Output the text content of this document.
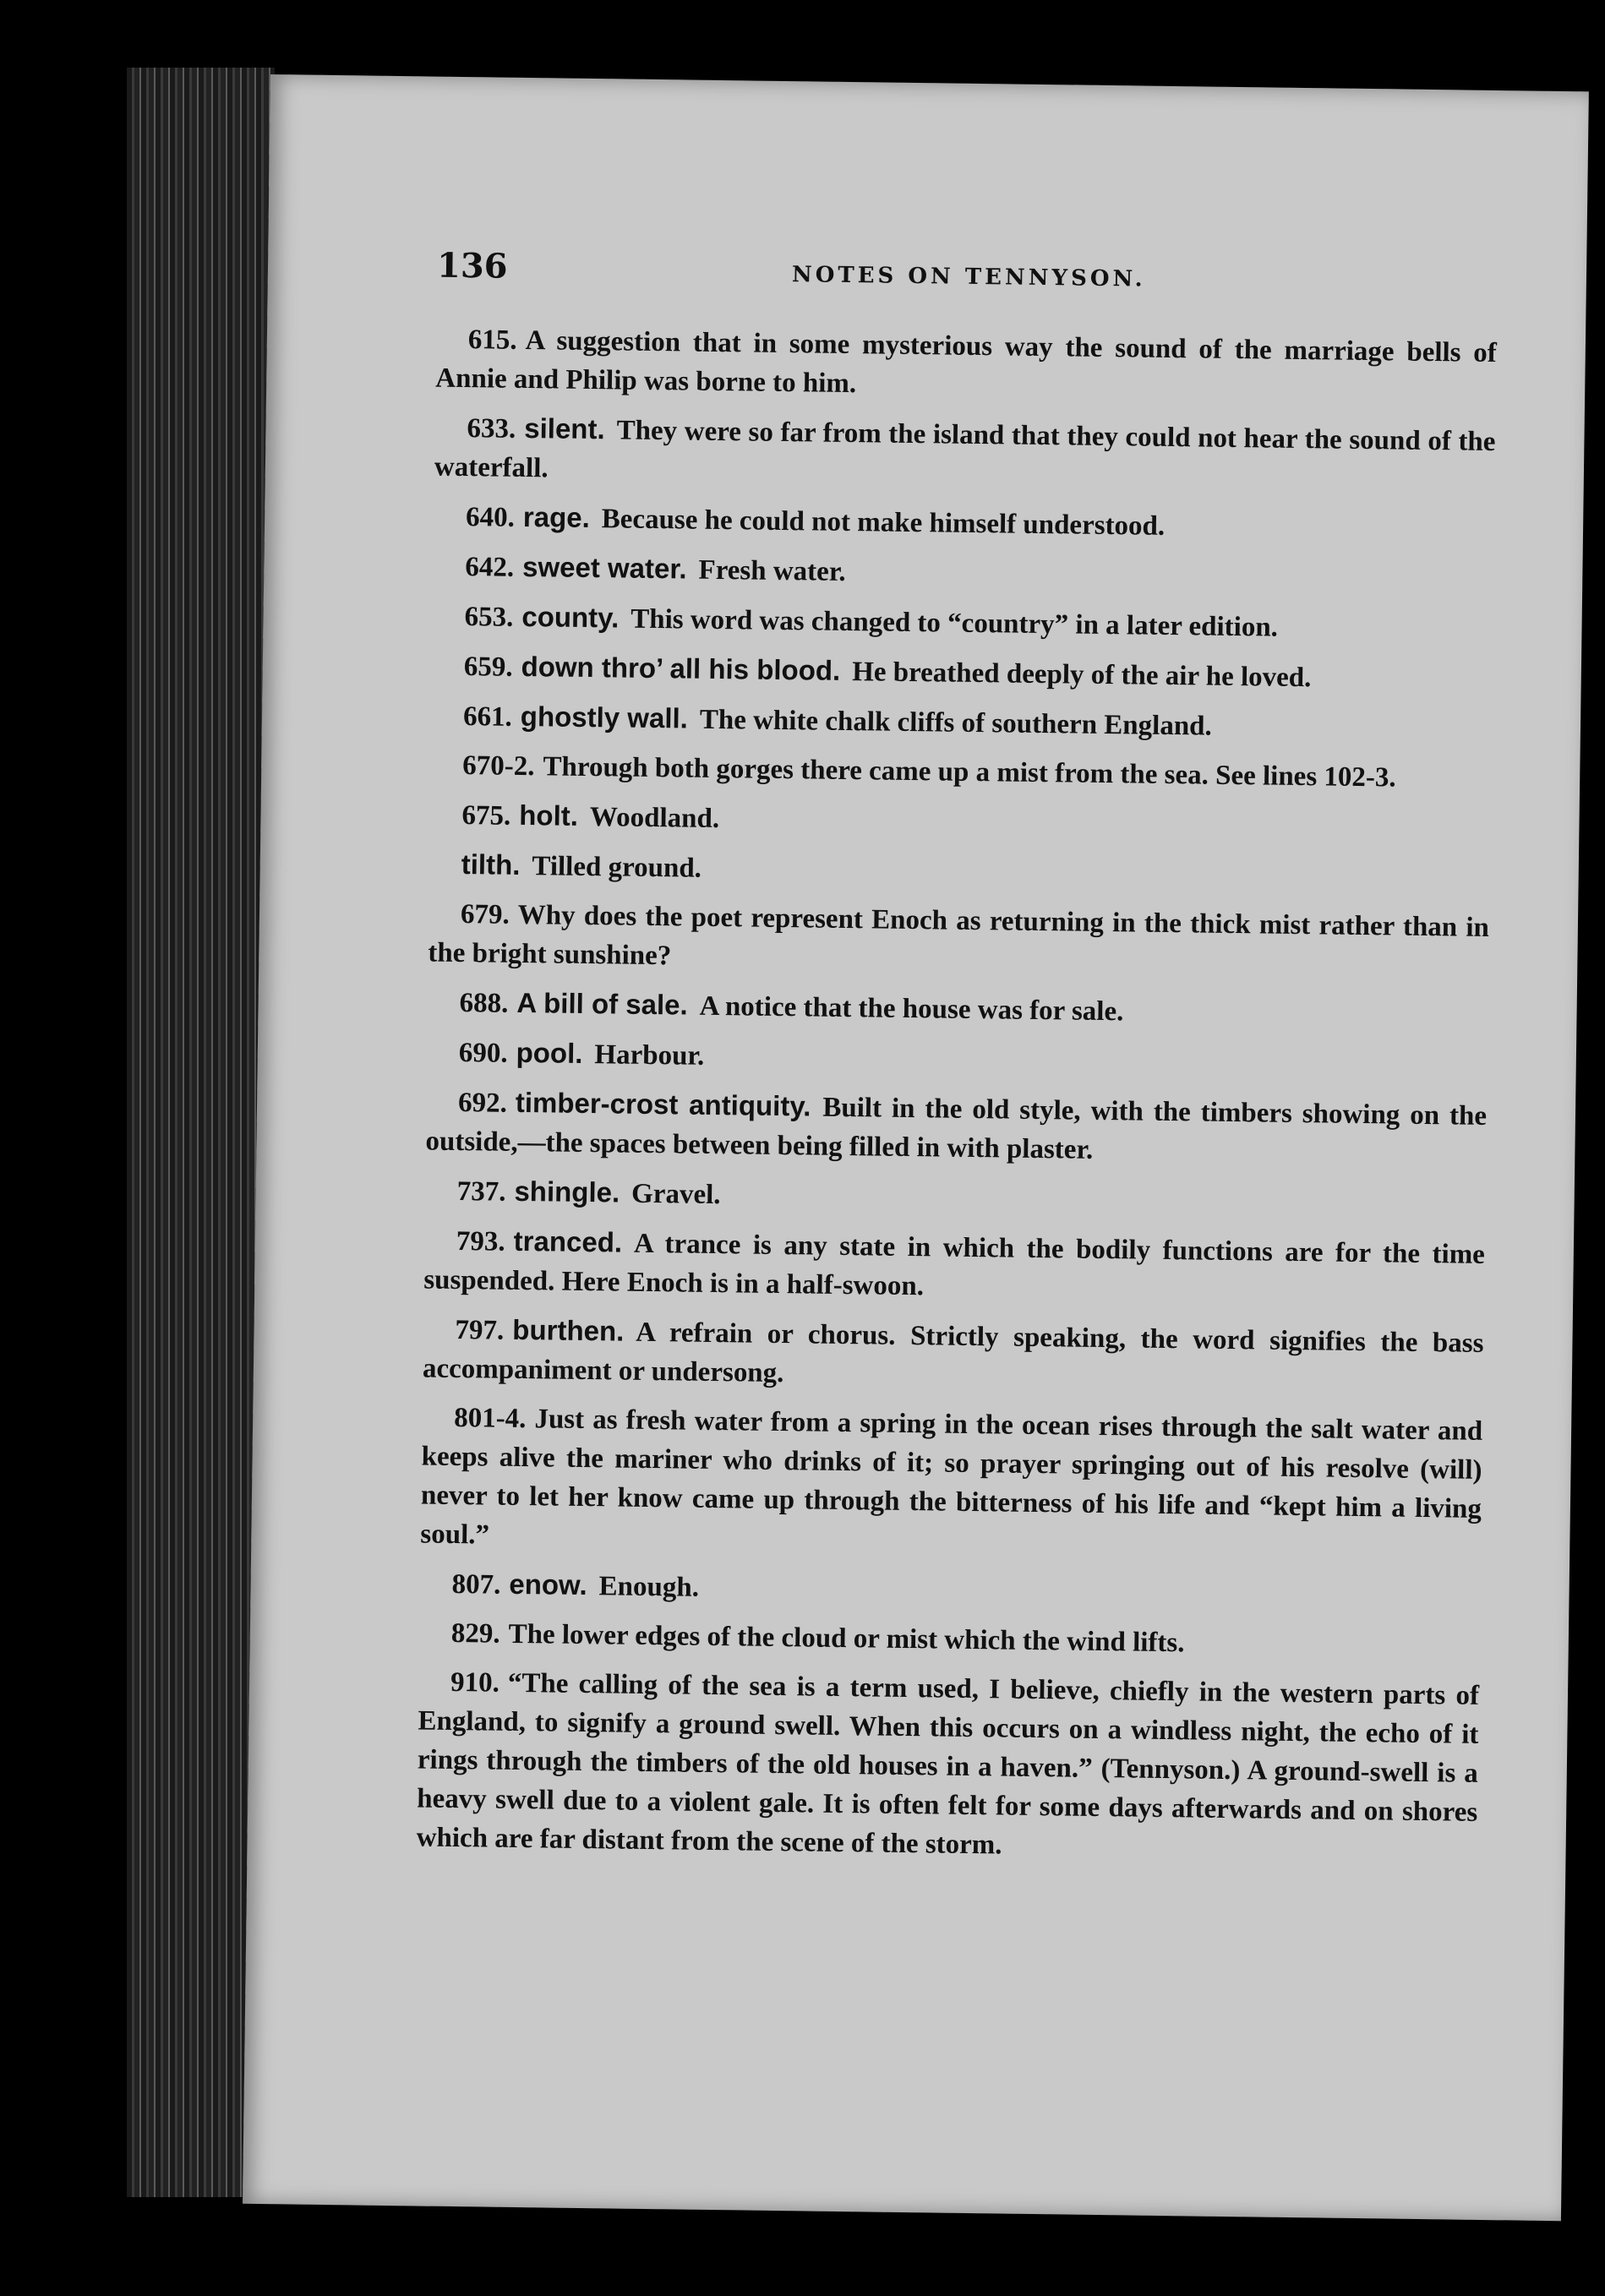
136	NOTES ON TENNYSON.

615. A suggestion that in some mysterious way the sound of the marriage bells of Annie and Philip was borne to him.

633. silent. They were so far from the island that they could not hear the sound of the waterfall.

640. rage. Because he could not make himself understood.

642. sweet water. Fresh water.

653. county. This word was changed to “country” in a later edition.

659. down thro’ all his blood. He breathed deeply of the air he loved.

661. ghostly wall. The white chalk cliffs of southern England.

670-2. Through both gorges there came up a mist from the sea. See lines 102-3.

675. holt. Woodland.

tilth. Tilled ground.

679. Why does the poet represent Enoch as returning in the thick mist rather than in the bright sunshine?

688. A bill of sale. A notice that the house was for sale.

690. pool. Harbour.

692. timber-crost antiquity. Built in the old style, with the timbers showing on the outside,—the spaces between being filled in with plaster.

737. shingle. Gravel.

793. tranced. A trance is any state in which the bodily functions are for the time suspended. Here Enoch is in a half-swoon.

797. burthen. A refrain or chorus. Strictly speaking, the word signifies the bass accompaniment or undersong.

801-4. Just as fresh water from a spring in the ocean rises through the salt water and keeps alive the mariner who drinks of it; so prayer springing out of his resolve (will) never to let her know came up through the bitterness of his life and “kept him a living soul.”

807. enow. Enough.

829. The lower edges of the cloud or mist which the wind lifts.

910. “The calling of the sea is a term used, I believe, chiefly in the western parts of England, to signify a ground swell. When this occurs on a windless night, the echo of it rings through the timbers of the old houses in a haven.” (Tennyson.) A ground-swell is a heavy swell due to a violent gale. It is often felt for some days afterwards and on shores which are far distant from the scene of the storm.
